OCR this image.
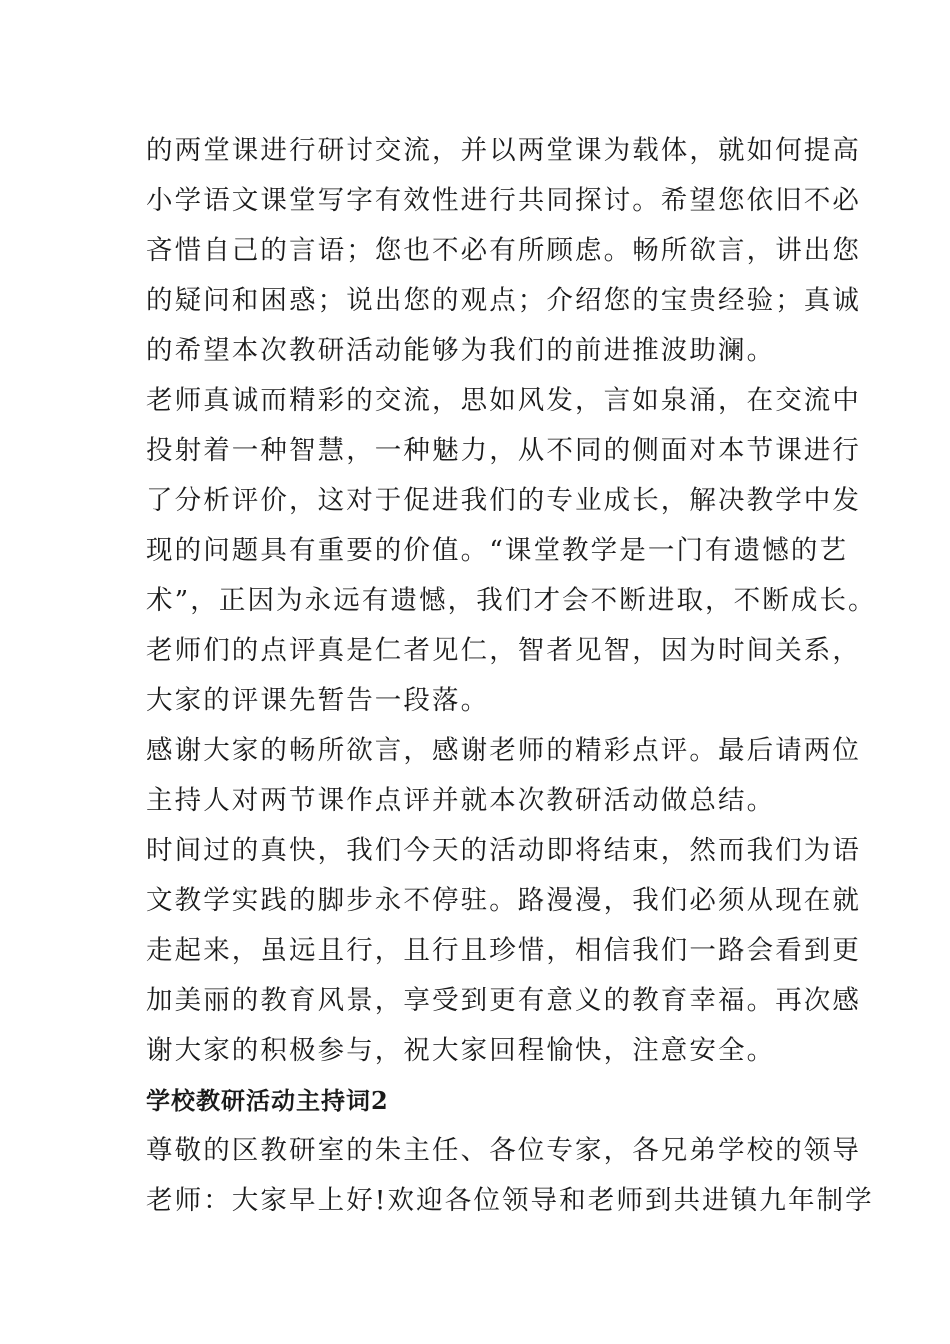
的两堂课进行研讨交流，并以两堂课为载体，就如何提高
小学语文课堂写字有效性进行共同探讨。希望您依旧不必
吝惜自己的言语；您也不必有所顾虑。畅所欲言，讲出您
的疑问和困惑；说出您的观点；介绍您的宝贵经验；真诚
的希望本次教研活动能够为我们的前进推波助澜。

老师真诚而精彩的交流，思如风发，言如泉涌，在交流中
投射着一种智慧，一种魅力，从不同的侧面对本节课进行
了分析评价，这对于促进我们的专业成长，解决教学中发
现的问题具有重要的价值。“课堂教学是一门有遗憾的艺
术”，正因为永远有遗憾，我们才会不断进取，不断成长。
老师们的点评真是仁者见仁，智者见智，因为时间关系，
大家的评课先暂告一段落。

感谢大家的畅所欲言，感谢老师的精彩点评。最后请两位
主持人对两节课作点评并就本次教研活动做总结。

时间过的真快，我们今天的活动即将结束，然而我们为语
文教学实践的脚步永不停驻。路漫漫，我们必须从现在就
走起来，虽远且行，且行且珍惜，相信我们一路会看到更
加美丽的教育风景，享受到更有意义的教育幸福。再次感
谢大家的积极参与，祝大家回程愉快，注意安全。

学校教研活动主持词2

尊敬的区教研室的朱主任、各位专家，各兄弟学校的领导
老师：大家早上好!欢迎各位领导和老师到共进镇九年制学
